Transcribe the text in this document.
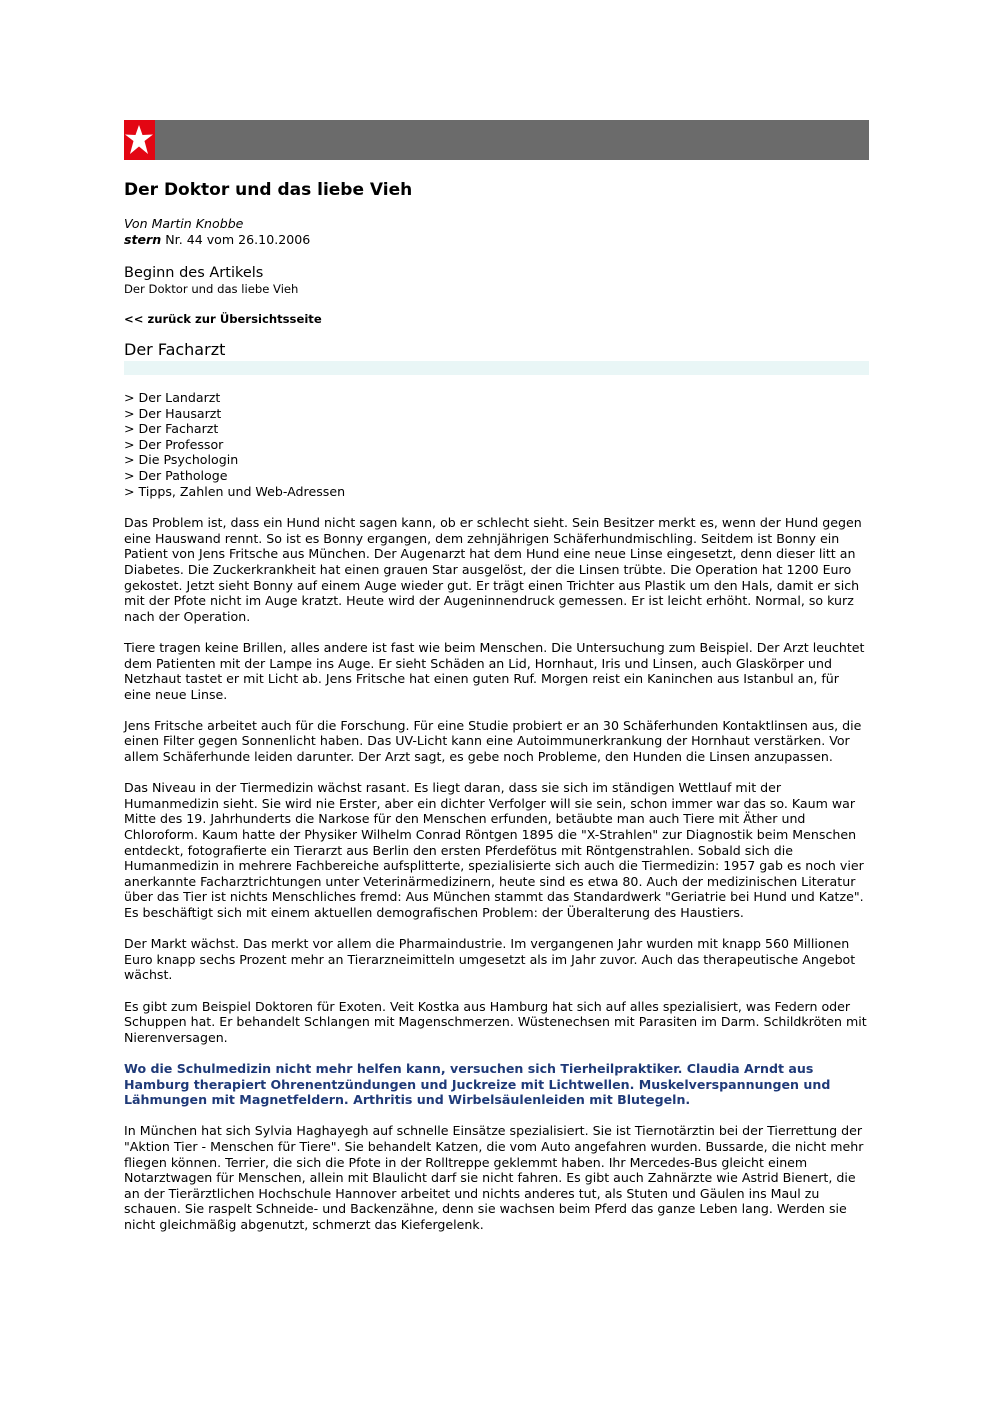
Der Doktor und das liebe Vieh
Von Martin Knobbe
stern Nr. 44 vom 26.10.2006
Beginn des Artikels
Der Doktor und das liebe Vieh
<< zurück zur Übersichtsseite
Der Facharzt
> Der Landarzt
> Der Hausarzt
> Der Facharzt
> Der Professor
> Die Psychologin
> Der Pathologe
> Tipps, Zahlen und Web-Adressen

Das Problem ist, dass ein Hund nicht sagen kann, ob er schlecht sieht. Sein Besitzer merkt es, wenn der Hund gegen eine Hauswand rennt. So ist es Bonny ergangen, dem zehnjährigen Schäferhundmischling. Seitdem ist Bonny ein Patient von Jens Fritsche aus München. Der Augenarzt hat dem Hund eine neue Linse eingesetzt, denn dieser litt an Diabetes. Die Zuckerkrankheit hat einen grauen Star ausgelöst, der die Linsen trübte. Die Operation hat 1200 Euro gekostet. Jetzt sieht Bonny auf einem Auge wieder gut. Er trägt einen Trichter aus Plastik um den Hals, damit er sich mit der Pfote nicht im Auge kratzt. Heute wird der Augeninnendruck gemessen. Er ist leicht erhöht. Normal, so kurz nach der Operation.

Tiere tragen keine Brillen, alles andere ist fast wie beim Menschen. Die Untersuchung zum Beispiel. Der Arzt leuchtet dem Patienten mit der Lampe ins Auge. Er sieht Schäden an Lid, Hornhaut, Iris und Linsen, auch Glaskörper und Netzhaut tastet er mit Licht ab. Jens Fritsche hat einen guten Ruf. Morgen reist ein Kaninchen aus Istanbul an, für eine neue Linse.

Jens Fritsche arbeitet auch für die Forschung. Für eine Studie probiert er an 30 Schäferhunden Kontaktlinsen aus, die einen Filter gegen Sonnenlicht haben. Das UV-Licht kann eine Autoimmunerkrankung der Hornhaut verstärken. Vor allem Schäferhunde leiden darunter. Der Arzt sagt, es gebe noch Probleme, den Hunden die Linsen anzupassen.

Das Niveau in der Tiermedizin wächst rasant. Es liegt daran, dass sie sich im ständigen Wettlauf mit der Humanmedizin sieht. Sie wird nie Erster, aber ein dichter Verfolger will sie sein, schon immer war das so. Kaum war Mitte des 19. Jahrhunderts die Narkose für den Menschen erfunden, betäubte man auch Tiere mit Äther und Chloroform. Kaum hatte der Physiker Wilhelm Conrad Röntgen 1895 die "X-Strahlen" zur Diagnostik beim Menschen entdeckt, fotografierte ein Tierarzt aus Berlin den ersten Pferdefötus mit Röntgenstrahlen. Sobald sich die Humanmedizin in mehrere Fachbereiche aufsplitterte, spezialisierte sich auch die Tiermedizin: 1957 gab es noch vier anerkannte Facharztrichtungen unter Veterinärmedizinern, heute sind es etwa 80. Auch der medizinischen Literatur über das Tier ist nichts Menschliches fremd: Aus München stammt das Standardwerk "Geriatrie bei Hund und Katze". Es beschäftigt sich mit einem aktuellen demografischen Problem: der Überalterung des Haustiers.

Der Markt wächst. Das merkt vor allem die Pharmaindustrie. Im vergangenen Jahr wurden mit knapp 560 Millionen Euro knapp sechs Prozent mehr an Tierarzneimitteln umgesetzt als im Jahr zuvor. Auch das therapeutische Angebot wächst.

Es gibt zum Beispiel Doktoren für Exoten. Veit Kostka aus Hamburg hat sich auf alles spezialisiert, was Federn oder Schuppen hat. Er behandelt Schlangen mit Magenschmerzen. Wüstenechsen mit Parasiten im Darm. Schildkröten mit Nierenversagen.

Wo die Schulmedizin nicht mehr helfen kann, versuchen sich Tierheilpraktiker. Claudia Arndt aus Hamburg therapiert Ohrenentzündungen und Juckreize mit Lichtwellen. Muskelverspannungen und Lähmungen mit Magnetfeldern. Arthritis und Wirbelsäulenleiden mit Blutegeln.

In München hat sich Sylvia Haghayegh auf schnelle Einsätze spezialisiert. Sie ist Tiernotärztin bei der Tierrettung der "Aktion Tier - Menschen für Tiere". Sie behandelt Katzen, die vom Auto angefahren wurden. Bussarde, die nicht mehr fliegen können. Terrier, die sich die Pfote in der Rolltreppe geklemmt haben. Ihr Mercedes-Bus gleicht einem Notarztwagen für Menschen, allein mit Blaulicht darf sie nicht fahren. Es gibt auch Zahnärzte wie Astrid Bienert, die an der Tierärztlichen Hochschule Hannover arbeitet und nichts anderes tut, als Stuten und Gäulen ins Maul zu schauen. Sie raspelt Schneide- und Backenzähne, denn sie wachsen beim Pferd das ganze Leben lang. Werden sie nicht gleichmäßig abgenutzt, schmerzt das Kiefergelenk.
